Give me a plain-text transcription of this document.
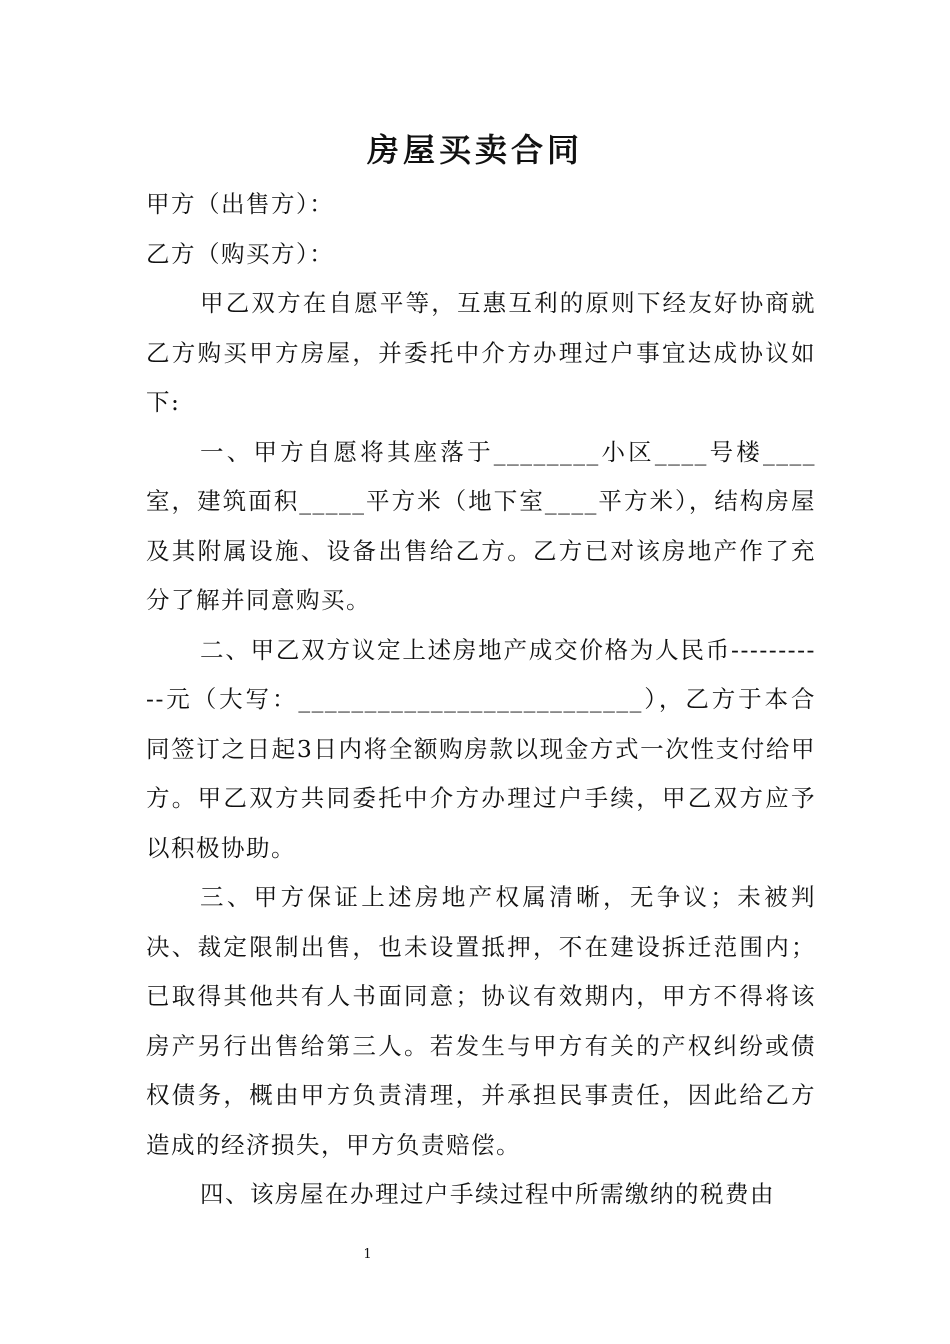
房屋买卖合同

甲方（出售方）：

乙方（购买方）：

甲乙双方在自愿平等，互惠互利的原则下经友好协商就乙方购买甲方房屋，并委托中介方办理过户事宜达成协议如下:

一、甲方自愿将其座落于________小区____号楼____室，建筑面积_____平方米（地下室____平方米），结构房屋及其附属设施、设备出售给乙方。乙方已对该房地产作了充分了解并同意购买。

二、甲乙双方议定上述房地产成交价格为人民币-----------元（大写：__________________________），乙方于本合同签订之日起3日内将全额购房款以现金方式一次性支付给甲方。甲乙双方共同委托中介方办理过户手续，甲乙双方应予以积极协助。

三、甲方保证上述房地产权属清晰，无争议；未被判决、裁定限制出售，也未设置抵押，不在建设拆迁范围内；已取得其他共有人书面同意；协议有效期内，甲方不得将该房产另行出售给第三人。若发生与甲方有关的产权纠纷或债权债务，概由甲方负责清理，并承担民事责任，因此给乙方造成的经济损失，甲方负责赔偿。

四、该房屋在办理过户手续过程中所需缴纳的税费由

1
